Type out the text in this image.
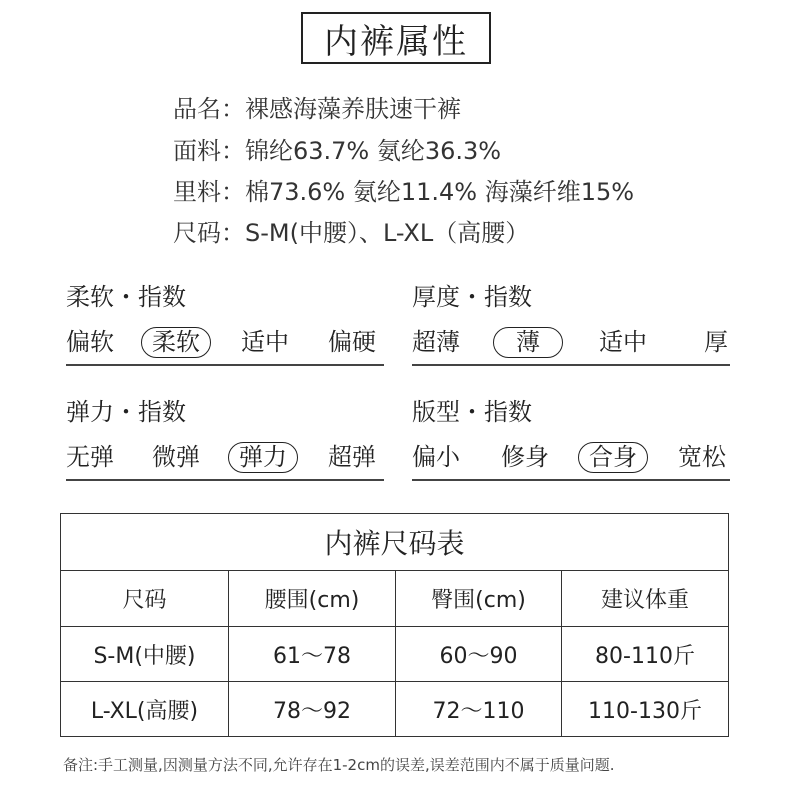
内裤属性
品名：裸感海藻养肤速干裤
面料：锦纶63.7% 氨纶36.3%
里料：棉73.6% 氨纶11.4% 海藻纤维15%
尺码：S-M(中腰）、L-XL（高腰）
柔软・指数
偏软	柔软	适中 偏硬
厚度・指数
超薄	薄	适中 厚
弹力・指数
无弹 微弹	弹力	超弹
版型・指数
偏小 修身	合身	宽松
内裤尺码表			
尺码	腰围(cm)	臀围(cm)	建议体重
S-M(中腰)	61～78	60～90	80-110斤
L-XL(高腰)	78～92	72～110	110-130斤
备注:手工测量,因测量方法不同,允许存在1-2cm的误差,误差范围内不属于质量问题.
